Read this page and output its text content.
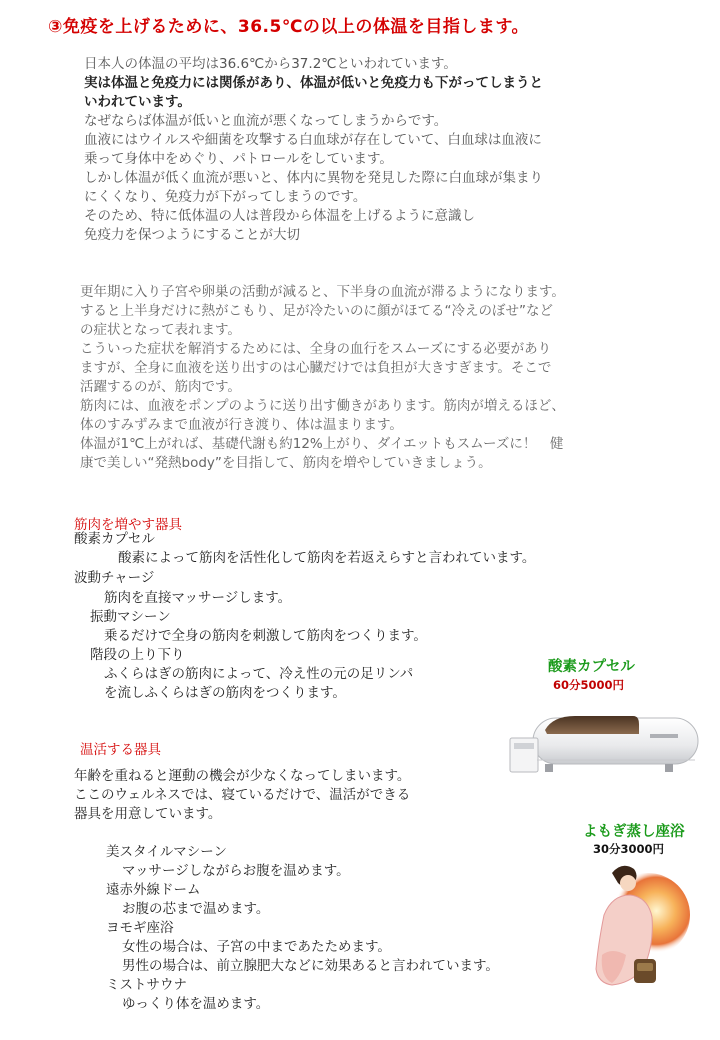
③免疫を上げるために、36.5℃の以上の体温を目指します。
日本人の体温の平均は36.6℃から37.2℃といわれています。
実は体温と免疫力には関係があり、体温が低いと免疫力も下がってしまうと
いわれています。
なぜならば体温が低いと血流が悪くなってしまうからです。
血液にはウイルスや細菌を攻撃する白血球が存在していて、白血球は血液に
乗って身体中をめぐり、パトロールをしています。
しかし体温が低く血流が悪いと、体内に異物を発見した際に白血球が集まり
にくくなり、免疫力が下がってしまうのです。
そのため、特に低体温の人は普段から体温を上げるように意識し
免疫力を保つようにすることが大切
更年期に入り子宮や卵巣の活動が減ると、下半身の血流が滞るようになります。
すると上半身だけに熱がこもり、足が冷たいのに顔がほてる“冷えのぼせ”など
の症状となって表れます。
こういった症状を解消するためには、全身の血行をスムーズにする必要があり
ますが、全身に血液を送り出すのは心臓だけでは負担が大きすぎます。そこで
活躍するのが、筋肉です。
筋肉には、血液をポンプのように送り出す働きがあります。筋肉が増えるほど、
体のすみずみまで血液が行き渡り、体は温まります。
体温が1℃上がれば、基礎代謝も約12%上がり、ダイエットもスムーズに！　健
康で美しい“発熱body”を目指して、筋肉を増やしていきましょう。
筋肉を増やす器具
酸素カプセル
酸素によって筋肉を活性化して筋肉を若返えらすと言われています。
波動チャージ
筋肉を直接マッサージします。
振動マシーン
乗るだけで全身の筋肉を刺激して筋肉をつくります。
階段の上り下り
ふくらはぎの筋肉によって、冷え性の元の足リンパ
を流しふくらはぎの筋肉をつくります。
温活する器具
年齢を重ねると運動の機会が少なくなってしまいます。
ここのウェルネスでは、寝ているだけで、温活ができる
器具を用意しています。
美スタイルマシーン
マッサージしながらお腹を温めます。
遠赤外線ドーム
お腹の芯まで温めます。
ヨモギ座浴
女性の場合は、子宮の中まであたためます。
男性の場合は、前立腺肥大などに効果あると言われています。
ミストサウナ
ゆっくり体を温めます。
酸素カプセル
60分5000円
よもぎ蒸し座浴
30分3000円
